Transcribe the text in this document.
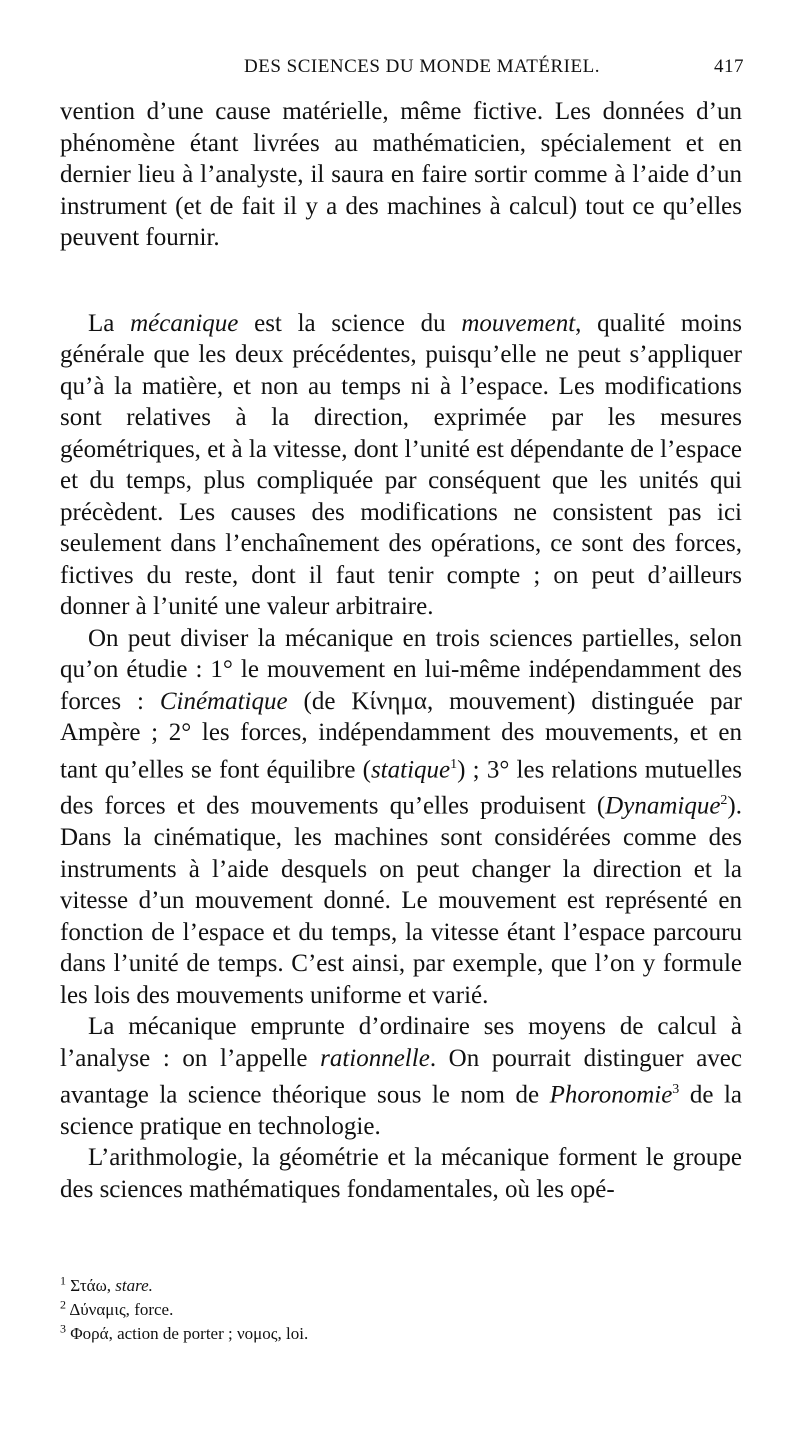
DES SCIENCES DU MONDE MATÉRIEL.	417

vention d’une cause matérielle, même fictive. Les données d’un phénomène étant livrées au mathématicien, spécialement et en dernier lieu à l’analyste, il saura en faire sortir comme à l’aide d’un instrument (et de fait il y a des machines à calcul) tout ce qu’elles peuvent fournir.

La mécanique est la science du mouvement, qualité moins générale que les deux précédentes, puisqu’elle ne peut s’appliquer qu’à la matière, et non au temps ni à l’espace. Les modifications sont relatives à la direction, exprimée par les mesures géométriques, et à la vitesse, dont l’unité est dépendante de l’espace et du temps, plus compliquée par conséquent que les unités qui précèdent. Les causes des modifications ne consistent pas ici seulement dans l’enchaînement des opérations, ce sont des forces, fictives du reste, dont il faut tenir compte ; on peut d’ailleurs donner à l’unité une valeur arbitraire.

On peut diviser la mécanique en trois sciences partielles, selon qu’on étudie : 1° le mouvement en lui-même indépendamment des forces : Cinématique (de Κίνημα, mouvement) distinguée par Ampère ; 2° les forces, indépendamment des mouvements, et en tant qu’elles se font équilibre (statique$^1$) ; 3° les relations mutuelles des forces et des mouvements qu’elles produisent (Dynamique$^2$). Dans la cinématique, les machines sont considérées comme des instruments à l’aide desquels on peut changer la direction et la vitesse d’un mouvement donné. Le mouvement est représenté en fonction de l’espace et du temps, la vitesse étant l’espace parcouru dans l’unité de temps. C’est ainsi, par exemple, que l’on y formule les lois des mouvements uniforme et varié.

La mécanique emprunte d’ordinaire ses moyens de calcul à l’analyse : on l’appelle rationnelle. On pourrait distinguer avec avantage la science théorique sous le nom de Phoronomie$^3$ de la science pratique en technologie.

L’arithmologie, la géométrie et la mécanique forment le groupe des sciences mathématiques fondamentales, où les opé-

$^1$ Στάω, stare.
$^2$ Δύναμις, force.
$^3$ Φορά, action de porter ; νομος, loi.
